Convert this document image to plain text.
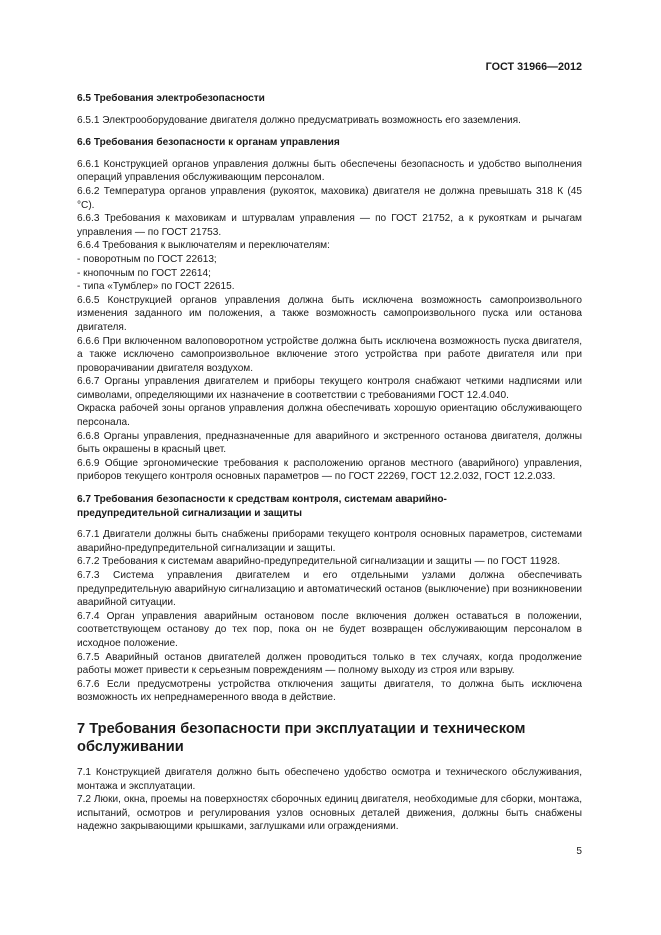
ГОСТ 31966—2012
6.5 Требования электробезопасности

6.5.1 Электрооборудование двигателя должно предусматривать возможность его заземления.

6.6 Требования безопасности к органам управления

6.6.1 Конструкцией органов управления должны быть обеспечены безопасность и удобство выполнения операций управления обслуживающим персоналом.

6.6.2 Температура органов управления (рукояток, маховика) двигателя не должна превышать 318 К (45 °С).

6.6.3 Требования к маховикам и штурвалам управления — по ГОСТ 21752, а к рукояткам и рычагам управления — по ГОСТ 21753.

6.6.4 Требования к выключателям и переключателям:

- поворотным по ГОСТ 22613;
- кнопочным по ГОСТ 22614;
- типа «Тумблер» по ГОСТ 22615.

6.6.5 Конструкцией органов управления должна быть исключена возможность самопроизвольного изменения заданного им положения, а также возможность самопроизвольного пуска или останова двигателя.

6.6.6 При включенном валоповоротном устройстве должна быть исключена возможность пуска двигателя, а также исключено самопроизвольное включение этого устройства при работе двигателя или при проворачивании двигателя воздухом.

6.6.7 Органы управления двигателем и приборы текущего контроля снабжают четкими надписями или символами, определяющими их назначение в соответствии с требованиями ГОСТ 12.4.040.

Окраска рабочей зоны органов управления должна обеспечивать хорошую ориентацию обслуживающего персонала.

6.6.8 Органы управления, предназначенные для аварийного и экстренного останова двигателя, должны быть окрашены в красный цвет.

6.6.9 Общие эргономические требования к расположению органов местного (аварийного) управления, приборов текущего контроля основных параметров — по ГОСТ 22269, ГОСТ 12.2.032, ГОСТ 12.2.033.

6.7 Требования безопасности к средствам контроля, системам аварийно-предупредительной сигнализации и защиты

6.7.1 Двигатели должны быть снабжены приборами текущего контроля основных параметров, системами аварийно-предупредительной сигнализации и защиты.

6.7.2 Требования к системам аварийно-предупредительной сигнализации и защиты — по ГОСТ 11928.

6.7.3 Система управления двигателем и его отдельными узлами должна обеспечивать предупредительную аварийную сигнализацию и автоматический останов (выключение) при возникновении аварийной ситуации.

6.7.4 Орган управления аварийным остановом после включения должен оставаться в положении, соответствующем останову до тех пор, пока он не будет возвращен обслуживающим персоналом в исходное положение.

6.7.5 Аварийный останов двигателей должен проводиться только в тех случаях, когда продолжение работы может привести к серьезным повреждениям — полному выходу из строя или взрыву.

6.7.6 Если предусмотрены устройства отключения защиты двигателя, то должна быть исключена возможность их непреднамеренного ввода в действие.

7 Требования безопасности при эксплуатации и техническом обслуживании

7.1 Конструкцией двигателя должно быть обеспечено удобство осмотра и технического обслуживания, монтажа и эксплуатации.

7.2 Люки, окна, проемы на поверхностях сборочных единиц двигателя, необходимые для сборки, монтажа, испытаний, осмотров и регулирования узлов основных деталей движения, должны быть снабжены надежно закрывающими крышками, заглушками или ограждениями.

5
